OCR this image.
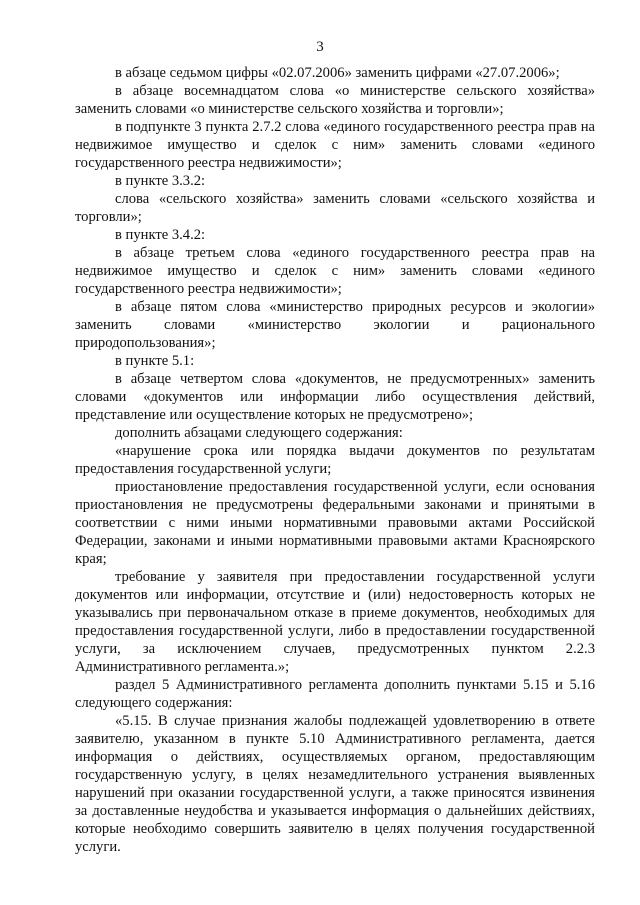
3

в абзаце седьмом цифры «02.07.2006» заменить цифрами «27.07.2006»;

в абзаце восемнадцатом слова «о министерстве сельского хозяйства» заменить словами «о министерстве сельского хозяйства и торговли»;

в подпункте 3 пункта 2.7.2 слова «единого государственного реестра прав на недвижимое имущество и сделок с ним» заменить словами «единого государственного реестра недвижимости»;

в пункте 3.3.2:

слова «сельского хозяйства» заменить словами «сельского хозяйства и торговли»;

в пункте 3.4.2:

в абзаце третьем слова «единого государственного реестра прав на недвижимое имущество и сделок с ним» заменить словами «единого государственного реестра недвижимости»;

в абзаце пятом слова «министерство природных ресурсов и экологии» заменить словами «министерство экологии и рационального природопользования»;

в пункте 5.1:

в абзаце четвертом слова «документов, не предусмотренных» заменить словами «документов или информации либо осуществления действий, представление или осуществление которых не предусмотрено»;

дополнить абзацами следующего содержания:

«нарушение срока или порядка выдачи документов по результатам предоставления государственной услуги;

приостановление предоставления государственной услуги, если основания приостановления не предусмотрены федеральными законами и принятыми в соответствии с ними иными нормативными правовыми актами Российской Федерации, законами и иными нормативными правовыми актами Красноярского края;

требование у заявителя при предоставлении государственной услуги документов или информации, отсутствие и (или) недостоверность которых не указывались при первоначальном отказе в приеме документов, необходимых для предоставления государственной услуги, либо в предоставлении государственной услуги, за исключением случаев, предусмотренных пунктом 2.2.3 Административного регламента.»;

раздел 5 Административного регламента дополнить пунктами 5.15 и 5.16 следующего содержания:

«5.15. В случае признания жалобы подлежащей удовлетворению в ответе заявителю, указанном в пункте 5.10 Административного регламента, дается информация о действиях, осуществляемых органом, предоставляющим государственную услугу, в целях незамедлительного устранения выявленных нарушений при оказании государственной услуги, а также приносятся извинения за доставленные неудобства и указывается информация о дальнейших действиях, которые необходимо совершить заявителю в целях получения государственной услуги.
